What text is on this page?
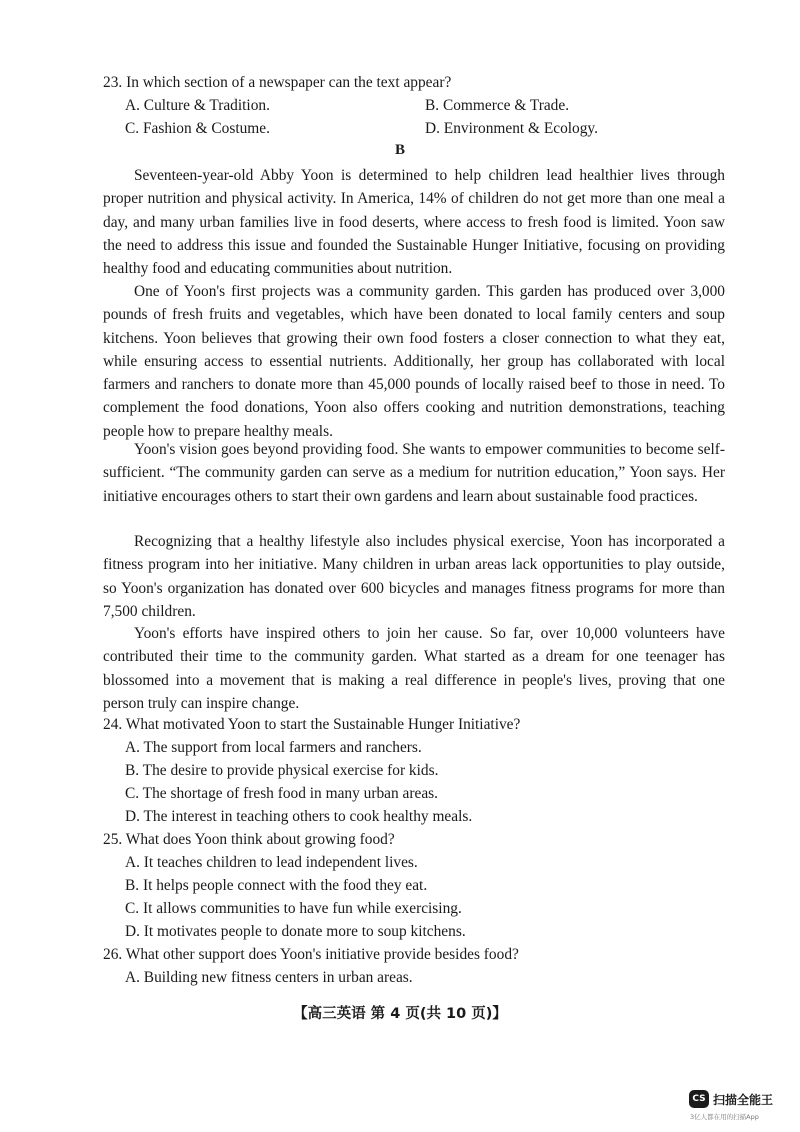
23. In which section of a newspaper can the text appear?
A. Culture & Tradition.	B. Commerce & Trade.
C. Fashion & Costume.	D. Environment & Ecology.
B
Seventeen-year-old Abby Yoon is determined to help children lead healthier lives through proper nutrition and physical activity. In America, 14% of children do not get more than one meal a day, and many urban families live in food deserts, where access to fresh food is limited. Yoon saw the need to address this issue and founded the Sustainable Hunger Initiative, focusing on providing healthy food and educating communities about nutrition.
One of Yoon's first projects was a community garden. This garden has produced over 3,000 pounds of fresh fruits and vegetables, which have been donated to local family centers and soup kitchens. Yoon believes that growing their own food fosters a closer connection to what they eat, while ensuring access to essential nutrients. Additionally, her group has collaborated with local farmers and ranchers to donate more than 45,000 pounds of locally raised beef to those in need. To complement the food donations, Yoon also offers cooking and nutrition demonstrations, teaching people how to prepare healthy meals.
Yoon's vision goes beyond providing food. She wants to empower communities to become self-sufficient. “The community garden can serve as a medium for nutrition education,” Yoon says. Her initiative encourages others to start their own gardens and learn about sustainable food practices.
Recognizing that a healthy lifestyle also includes physical exercise, Yoon has incorporated a fitness program into her initiative. Many children in urban areas lack opportunities to play outside, so Yoon's organization has donated over 600 bicycles and manages fitness programs for more than 7,500 children.
Yoon's efforts have inspired others to join her cause. So far, over 10,000 volunteers have contributed their time to the community garden. What started as a dream for one teenager has blossomed into a movement that is making a real difference in people's lives, proving that one person truly can inspire change.
24. What motivated Yoon to start the Sustainable Hunger Initiative?
A. The support from local farmers and ranchers.
B. The desire to provide physical exercise for kids.
C. The shortage of fresh food in many urban areas.
D. The interest in teaching others to cook healthy meals.
25. What does Yoon think about growing food?
A. It teaches children to lead independent lives.
B. It helps people connect with the food they eat.
C. It allows communities to have fun while exercising.
D. It motivates people to donate more to soup kitchens.
26. What other support does Yoon's initiative provide besides food?
A. Building new fitness centers in urban areas.
【高三英语 第 4 页(共 10 页)】
CS 扫描全能王
3亿人都在用的扫描App
